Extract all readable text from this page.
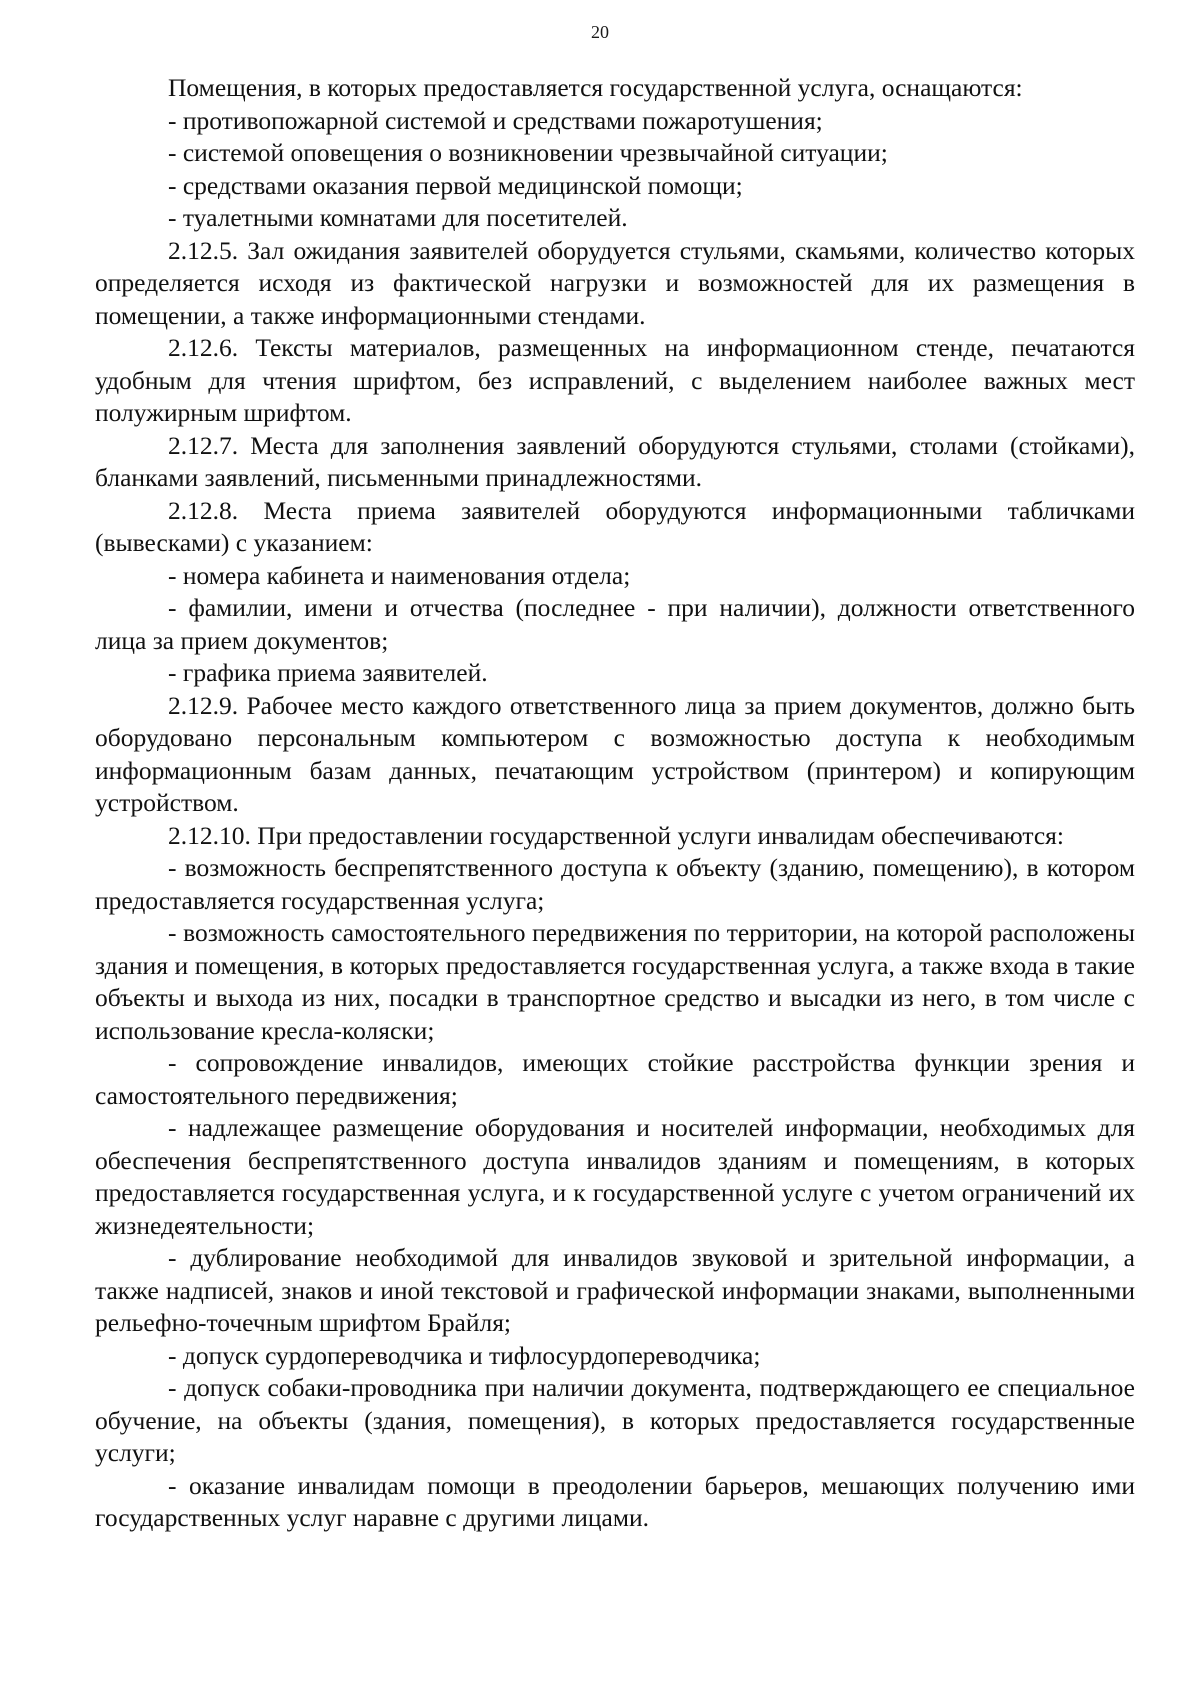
20

Помещения, в которых предоставляется государственной услуга, оснащаются:

- противопожарной системой и средствами пожаротушения;

- системой оповещения о возникновении чрезвычайной ситуации;

- средствами оказания первой медицинской помощи;

- туалетными комнатами для посетителей.

2.12.5. Зал ожидания заявителей оборудуется стульями, скамьями, количество которых определяется исходя из фактической нагрузки и возможностей для их размещения в помещении, а также информационными стендами.

2.12.6. Тексты материалов, размещенных на информационном стенде, печатаются удобным для чтения шрифтом, без исправлений, с выделением наиболее важных мест полужирным шрифтом.

2.12.7. Места для заполнения заявлений оборудуются стульями, столами (стойками), бланками заявлений, письменными принадлежностями.

2.12.8. Места приема заявителей оборудуются информационными табличками (вывесками) с указанием:

- номера кабинета и наименования отдела;

- фамилии, имени и отчества (последнее - при наличии), должности ответственного лица за прием документов;

- графика приема заявителей.

2.12.9. Рабочее место каждого ответственного лица за прием документов, должно быть оборудовано персональным компьютером с возможностью доступа к необходимым информационным базам данных, печатающим устройством (принтером) и копирующим устройством.

2.12.10. При предоставлении государственной услуги инвалидам обеспечиваются:

- возможность беспрепятственного доступа к объекту (зданию, помещению), в котором предоставляется государственная услуга;

- возможность самостоятельного передвижения по территории, на которой расположены здания и помещения, в которых предоставляется государственная услуга, а также входа в такие объекты и выхода из них, посадки в транспортное средство и высадки из него, в том числе с использование кресла-коляски;

- сопровождение инвалидов, имеющих стойкие расстройства функции зрения и самостоятельного передвижения;

- надлежащее размещение оборудования и носителей информации, необходимых для обеспечения беспрепятственного доступа инвалидов зданиям и помещениям, в которых предоставляется государственная услуга, и к государственной услуге с учетом ограничений их жизнедеятельности;

- дублирование необходимой для инвалидов звуковой и зрительной информации, а также надписей, знаков и иной текстовой и графической информации знаками, выполненными рельефно-точечным шрифтом Брайля;

- допуск сурдопереводчика и тифлосурдопереводчика;

- допуск собаки-проводника при наличии документа, подтверждающего ее специальное обучение, на объекты (здания, помещения), в которых предоставляется государственные услуги;

- оказание инвалидам помощи в преодолении барьеров, мешающих получению ими государственных услуг наравне с другими лицами.
